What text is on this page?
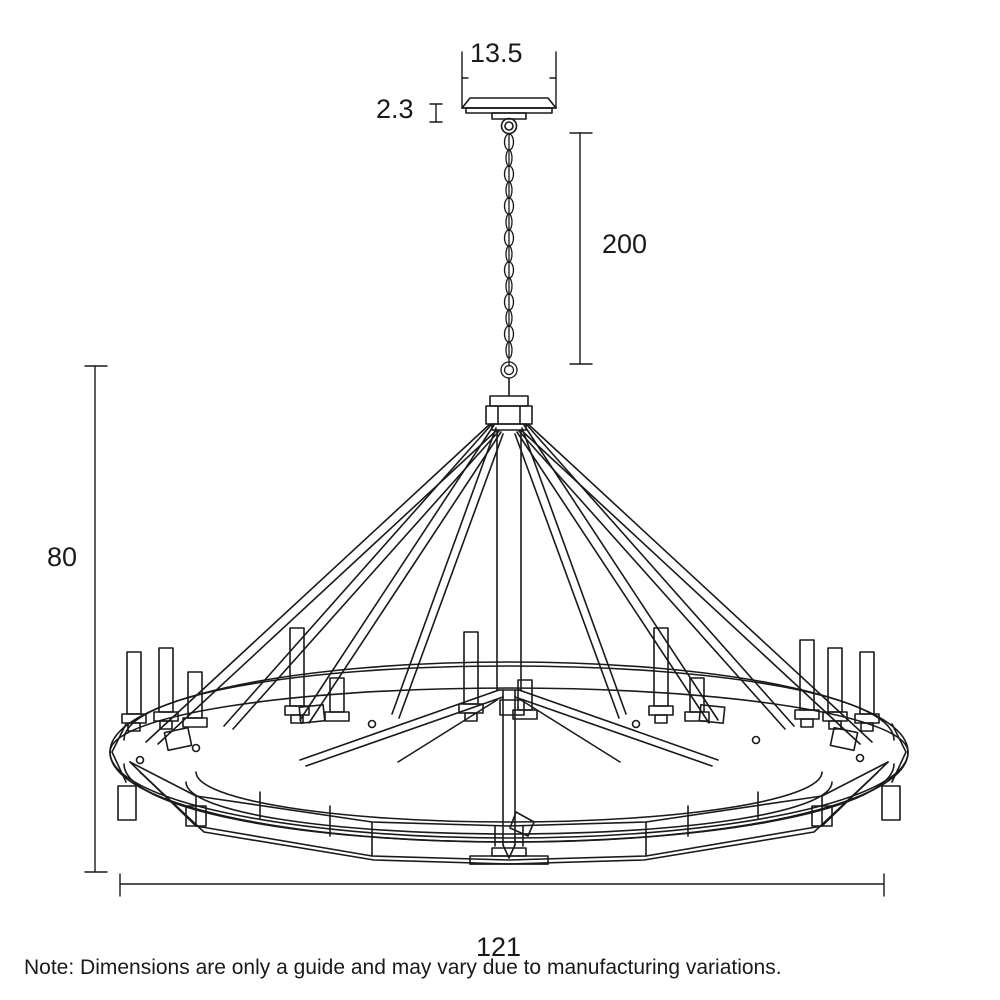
13.5
2.3
200
80
121
Note: Dimensions are only a guide and may vary due to manufacturing variations.
